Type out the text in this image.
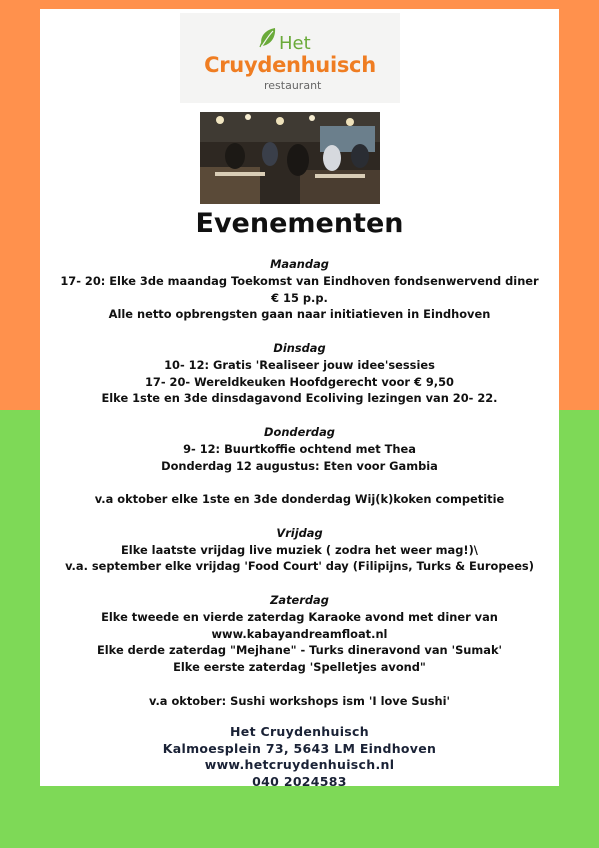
Het
Cruydenhuisch
restaurant
Evenementen
Maandag
17- 20: Elke 3de maandag Toekomst van Eindhoven fondsenwervend diner
€ 15 p.p.
Alle netto opbrengsten gaan naar initiatieven in Eindhoven
Dinsdag
10- 12: Gratis 'Realiseer jouw idee'sessies
17- 20- Wereldkeuken Hoofdgerecht voor € 9,50
Elke 1ste en 3de dinsdagavond Ecoliving lezingen van 20- 22.
Donderdag
9- 12: Buurtkoffie ochtend met Thea
Donderdag 12 augustus: Eten voor Gambia
v.a oktober elke 1ste en 3de donderdag Wij(k)koken competitie
Vrijdag
Elke laatste vrijdag live muziek ( zodra het weer mag!)\
v.a. september elke vrijdag 'Food Court' day (Filipijns, Turks & Europees)
Zaterdag
Elke tweede en vierde zaterdag Karaoke avond met diner van
www.kabayandreamfloat.nl
Elke derde zaterdag "Mejhane" - Turks dineravond van 'Sumak'
Elke eerste zaterdag 'Spelletjes avond"
v.a oktober: Sushi workshops ism 'I love Sushi'
Het Cruydenhuisch
Kalmoesplein 73, 5643 LM Eindhoven
www.hetcruydenhuisch.nl
040 2024583
